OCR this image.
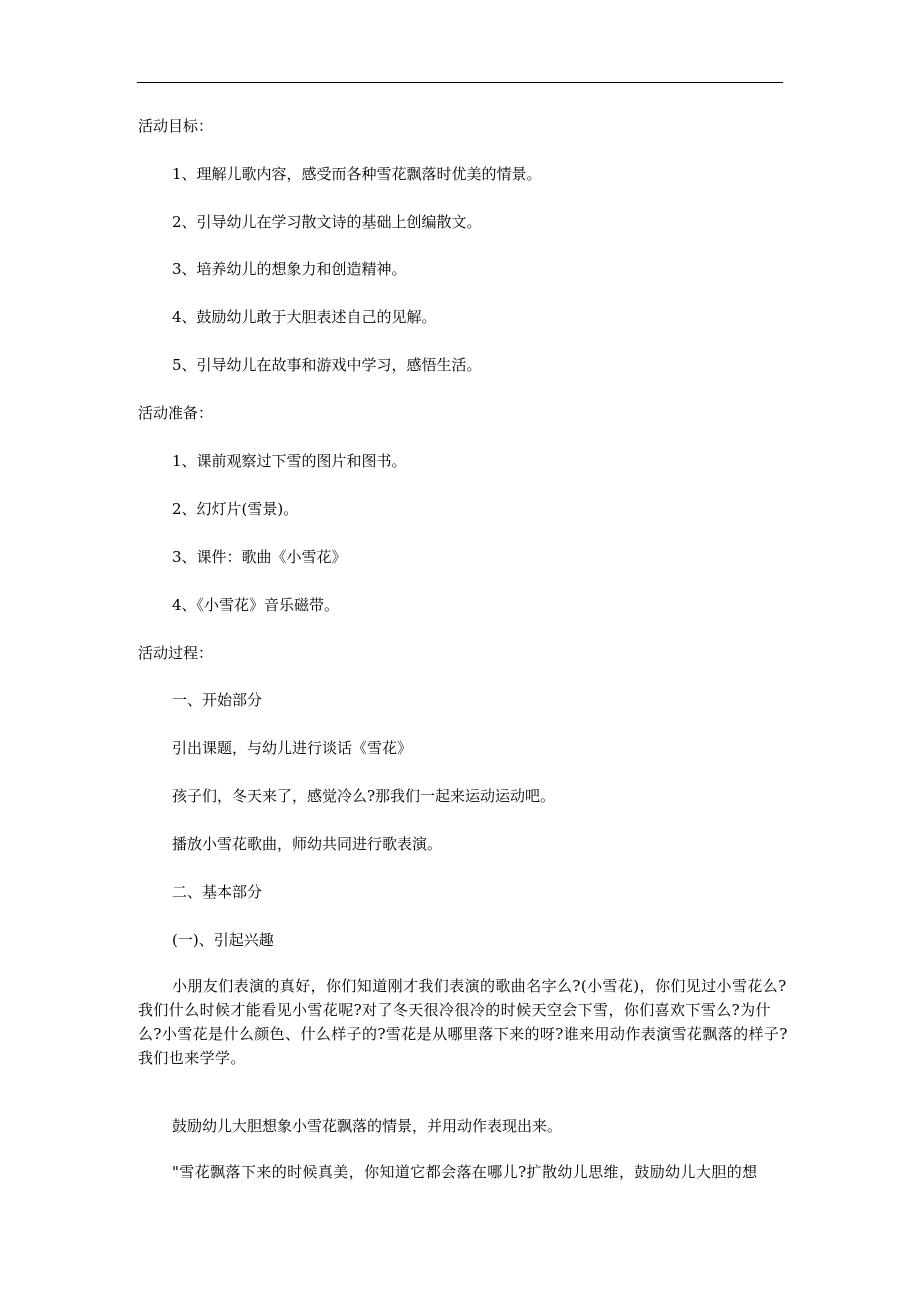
活动目标：
1、理解儿歌内容，感受而各种雪花飘落时优美的情景。
2、引导幼儿在学习散文诗的基础上创编散文。
3、培养幼儿的想象力和创造精神。
4、鼓励幼儿敢于大胆表述自己的见解。
5、引导幼儿在故事和游戏中学习，感悟生活。
活动准备：
1、课前观察过下雪的图片和图书。
2、幻灯片(雪景)。
3、课件：歌曲《小雪花》
4、《小雪花》音乐磁带。
活动过程：
一、开始部分
引出课题，与幼儿进行谈话《雪花》
孩子们，冬天来了，感觉冷么?那我们一起来运动运动吧。
播放小雪花歌曲，师幼共同进行歌表演。
二、基本部分
(一)、引起兴趣
小朋友们表演的真好，你们知道刚才我们表演的歌曲名字么?(小雪花)，你们见过小雪花么?我们什么时候才能看见小雪花呢?对了冬天很冷很冷的时候天空会下雪，你们喜欢下雪么?为什么?小雪花是什么颜色、什么样子的?雪花是从哪里落下来的呀?谁来用动作表演雪花飘落的样子?我们也来学学。
鼓励幼儿大胆想象小雪花飘落的情景，并用动作表现出来。
"雪花飘落下来的时候真美，你知道它都会落在哪儿?扩散幼儿思维，鼓励幼儿大胆的想
